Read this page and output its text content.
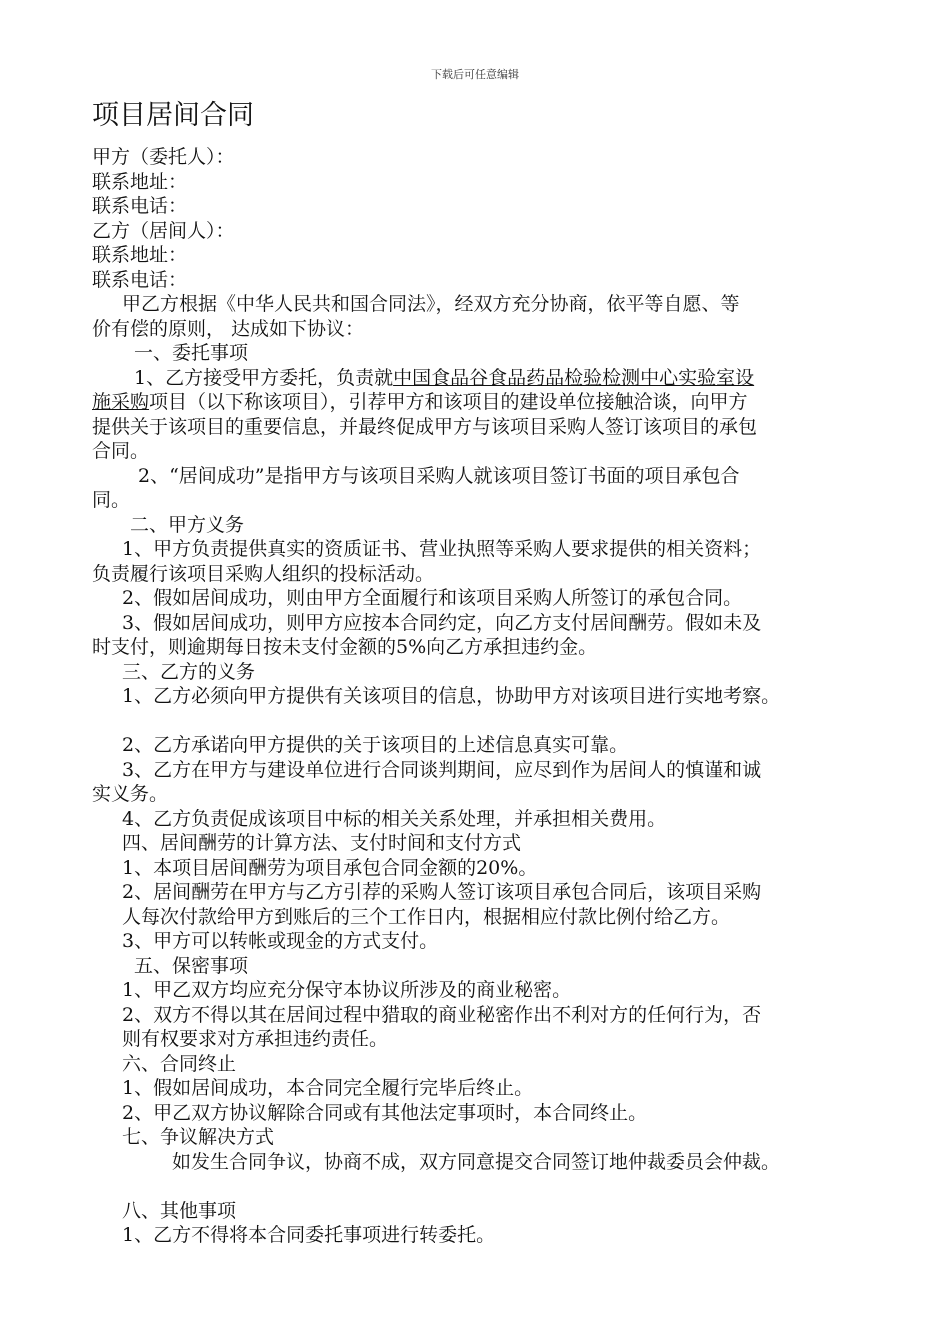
下载后可任意编辑
项目居间合同
甲方（委托人）：
联系地址：
联系电话：
乙方（居间人）：
联系地址：
联系电话：
甲乙方根据《中华人民共和国合同法》，经双方充分协商，依平等自愿、等
价有偿的原则， 达成如下协议：
一、委托事项
1、乙方接受甲方委托，负责就中国食品谷食品药品检验检测中心实验室设
施采购项目（以下称该项目），引荐甲方和该项目的建设单位接触洽谈，向甲方
提供关于该项目的重要信息，并最终促成甲方与该项目采购人签订该项目的承包
合同。
2、“居间成功”是指甲方与该项目采购人就该项目签订书面的项目承包合
同。
二、甲方义务
1、甲方负责提供真实的资质证书、营业执照等采购人要求提供的相关资料；
负责履行该项目采购人组织的投标活动。
2、假如居间成功，则由甲方全面履行和该项目采购人所签订的承包合同。
3、假如居间成功，则甲方应按本合同约定，向乙方支付居间酬劳。假如未及
时支付，则逾期每日按未支付金额的5%向乙方承担违约金。
三、乙方的义务
1、乙方必须向甲方提供有关该项目的信息，协助甲方对该项目进行实地考察。
2、乙方承诺向甲方提供的关于该项目的上述信息真实可靠。
3、乙方在甲方与建设单位进行合同谈判期间，应尽到作为居间人的慎谨和诚
实义务。
4、乙方负责促成该项目中标的相关关系处理，并承担相关费用。
四、居间酬劳的计算方法、支付时间和支付方式
1、本项目居间酬劳为项目承包合同金额的20%。
2、居间酬劳在甲方与乙方引荐的采购人签订该项目承包合同后，该项目采购
人每次付款给甲方到账后的三个工作日内，根据相应付款比例付给乙方。
3、甲方可以转帐或现金的方式支付。
五、保密事项
1、甲乙双方均应充分保守本协议所涉及的商业秘密。
2、双方不得以其在居间过程中猎取的商业秘密作出不利对方的任何行为，否
则有权要求对方承担违约责任。
六、合同终止
1、假如居间成功，本合同完全履行完毕后终止。
2、甲乙双方协议解除合同或有其他法定事项时，本合同终止。
七、争议解决方式
如发生合同争议，协商不成，双方同意提交合同签订地仲裁委员会仲裁。
八、其他事项
1、乙方不得将本合同委托事项进行转委托。
